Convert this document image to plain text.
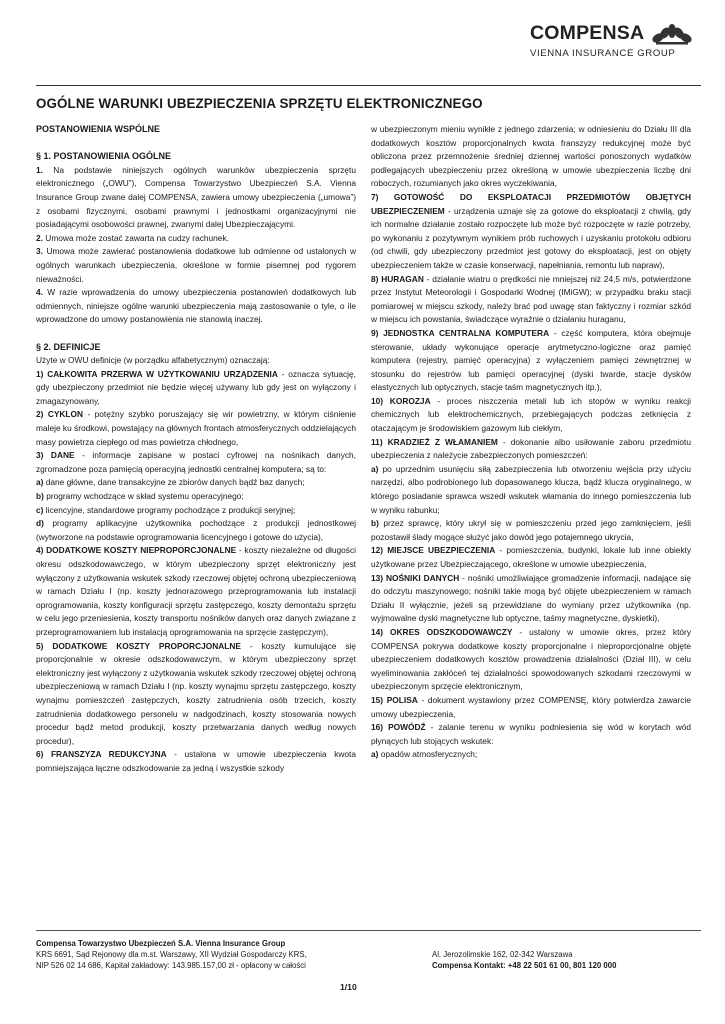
COMPENSA
VIENNA INSURANCE GROUP
OGÓLNE WARUNKI UBEZPIECZENIA SPRZĘTU ELEKTRONICZNEGO

POSTANOWIENIA WSPÓLNE

§ 1. POSTANOWIENIA OGÓLNE

1. Na podstawie niniejszych ogólnych warunków ubezpieczenia sprzętu elektronicznego („OWU”), Compensa Towarzystwo Ubezpieczeń S.A. Vienna Insurance Group zwane dalej COMPENSA, zawiera umowy ubezpieczenia („umowa”) z osobami fizycznymi, osobami prawnymi i jednostkami organizacyjnymi nie posiadającymi osobowości prawnej, zwanymi dalej Ubezpieczającymi.

2. Umowa może zostać zawarta na cudzy rachunek.

3. Umowa może zawierać postanowienia dodatkowe lub odmienne od ustalonych w ogólnych warunkach ubezpieczenia, określone w formie pisemnej pod rygorem nieważności.

4. W razie wprowadzenia do umowy ubezpieczenia postanowień dodatkowych lub odmiennych, niniejsze ogólne warunki ubezpieczenia mają zastosowanie o tyle, o ile wprowadzone do umowy postanowienia nie stanowią inaczej.

§ 2. DEFINICJE

Użyte w OWU definicje (w porządku alfabetycznym) oznaczają:

1) CAŁKOWITA PRZERWA W UŻYTKOWANIU URZĄDZENIA - oznacza sytuację, gdy ubezpieczony przedmiot nie będzie więcej używany lub gdy jest on wyłączony i zmagazynowany,

2) CYKLON - potężny szybko poruszający się wir powietrzny, w którym ciśnienie maleje ku środkowi, powstający na głównych frontach atmosferycznych oddzielających masy powietrza ciepłego od mas powietrza chłodnego,

3) DANE - informacje zapisane w postaci cyfrowej na nośnikach danych, zgromadzone poza pamięcią operacyjną jednostki centralnej komputera; są to:

a) dane główne, dane transakcyjne ze zbiorów danych bądź baz danych;

b) programy wchodzące w skład systemu operacyjnego;

c) licencyjne, standardowe programy pochodzące z produkcji seryjnej;

d) programy aplikacyjne użytkownika pochodzące z produkcji jednostkowej (wytworzone na podstawie oprogramowania licencyjnego i gotowe do użycia),

4) DODATKOWE KOSZTY NIEPROPORCJONALNE - koszty niezależne od długości okresu odszkodowawczego, w którym ubezpieczony sprzęt elektroniczny jest wyłączony z użytkowania wskutek szkody rzeczowej objętej ochroną ubezpieczeniową w ramach Działu I (np. koszty jednorazowego przeprogramowania lub instalacji oprogramowania, koszty konfiguracji sprzętu zastępczego, koszty demontażu sprzętu w celu jego przeniesienia, koszty transportu nośników danych oraz danych związane z przeprogramowaniem lub instalacją oprogramowania na sprzęcie zastępczym),

5) DODATKOWE KOSZTY PROPORCJONALNE - koszty kumulujące się proporcjonalnie w okresie odszkodowawczym, w którym ubezpieczony sprzęt elektroniczny jest wyłączony z użytkowania wskutek szkody rzeczowej objętej ochroną ubezpieczeniową w ramach Działu I (np. koszty wynajmu sprzętu zastępczego, koszty wynajmu pomieszczeń zastępczych, koszty zatrudnienia osób trzecich, koszty zatrudnienia dodatkowego personelu w nadgodzinach, koszty stosowania nowych procedur bądź metod produkcji, koszty przetwarzania danych według nowych procedur),

6) FRANSZYZA REDUKCYJNA - ustalona w umowie ubezpieczenia kwota pomniejszająca łączne odszkodowanie za jedną i wszystkie szkody

w ubezpieczonym mieniu wynikłe z jednego zdarzenia; w odniesieniu do Działu III dla dodatkowych kosztów proporcjonalnych kwota franszyzy redukcyjnej może być obliczona przez przemnożenie średniej dziennej wartości ponoszonych wydatków podlegających ubezpieczeniu przez określoną w umowie ubezpieczenia liczbę dni roboczych, rozumianych jako okres wyczekiwania,

7) GOTOWOŚĆ DO EKSPLOATACJI PRZEDMIOTÓW OBJĘTYCH UBEZPIECZENIEM - urządzenia uznaje się za gotowe do eksploatacji z chwilą, gdy ich normalne działanie zostało rozpoczęte lub może być rozpoczęte w razie potrzeby, po wykonaniu z pozytywnym wynikiem prób ruchowych i uzyskaniu protokołu odbioru (od chwili, gdy ubezpieczony przedmiot jest gotowy do eksploatacji, jest on objęty ubezpieczeniem także w czasie konserwacji, napełniania, remontu lub napraw),

8) HURAGAN - działanie wiatru o prędkości nie mniejszej niż 24,5 m/s, potwierdzone przez Instytut Meteorologii i Gospodarki Wodnej (IMiGW); w przypadku braku stacji pomiarowej w miejscu szkody, należy brać pod uwagę stan faktyczny i rozmiar szkód w miejscu ich powstania, świadczące wyraźnie o działaniu huraganu,

9) JEDNOSTKA CENTRALNA KOMPUTERA - część komputera, która obejmuje sterowanie, układy wykonujące operacje arytmetyczno-logiczne oraz pamięć komputera (rejestry, pamięć operacyjna) z wyłączeniem pamięci zewnętrznej w stosunku do rejestrów lub pamięci operacyjnej (dyski twarde, stacje dysków elastycznych lub optycznych, stacje taśm magnetycznych itp.),

10) KOROZJA - proces niszczenia metali lub ich stopów w wyniku reakcji chemicznych lub elektrochemicznych, przebiegających podczas zetknięcia z otaczającym je środowiskiem gazowym lub ciekłym,

11) KRADZIEŻ Z WŁAMANIEM - dokonanie albo usiłowanie zaboru przedmiotu ubezpieczenia z należycie zabezpieczonych pomieszczeń:

a) po uprzednim usunięciu siłą zabezpieczenia lub otworzeniu wejścia przy użyciu narzędzi, albo podrobionego lub dopasowanego klucza, bądź klucza oryginalnego, w którego posiadanie sprawca wszedł wskutek włamania do innego pomieszczenia lub w wyniku rabunku;

b) przez sprawcę, który ukrył się w pomieszczeniu przed jego zamknięciem, jeśli pozostawił ślady mogące służyć jako dowód jego potajemnego ukrycia,

12) MIEJSCE UBEZPIECZENIA - pomieszczenia, budynki, lokale lub inne obiekty użytkowane przez Ubezpieczającego, określone w umowie ubezpieczenia,

13) NOŚNIKI DANYCH - nośniki umożliwiające gromadzenie informacji, nadające się do odczytu maszynowego; nośniki takie mogą być objęte ubezpieczeniem w ramach Działu II wyłącznie, jeżeli są przewidziane do wymiany przez użytkownika (np. wyjmowalne dyski magnetyczne lub optyczne, taśmy magnetyczne, dyskietki),

14) OKRES ODSZKODOWAWCZY - ustalony w umowie okres, przez który COMPENSA pokrywa dodatkowe koszty proporcjonalne i nieproporcjonalne objęte ubezpieczeniem dodatkowych kosztów prowadzenia działalności (Dział III), w celu wyeliminowania zakłóceń tej działalności spowodowanych szkodami rzeczowymi w ubezpieczonym sprzęcie elektronicznym,

15) POLISA - dokument wystawiony przez COMPENSĘ, który potwierdza zawarcie umowy ubezpieczenia,

16) POWÓDŹ - zalanie terenu w wyniku podniesienia się wód w korytach wód płynących lub stojących wskutek:

a) opadów atmosferycznych;

Compensa Towarzystwo Ubezpieczeń S.A. Vienna Insurance Group
KRS 6691, Sąd Rejonowy dla m.st. Warszawy, XII Wydział Gospodarczy KRS,
NIP 526 02 14 686, Kapitał zakładowy: 143.985.157,00 zł - opłacony w całości
Al. Jerozolimskie 162, 02-342 Warszawa
Compensa Kontakt: +48 22 501 61 00, 801 120 000
1/10
